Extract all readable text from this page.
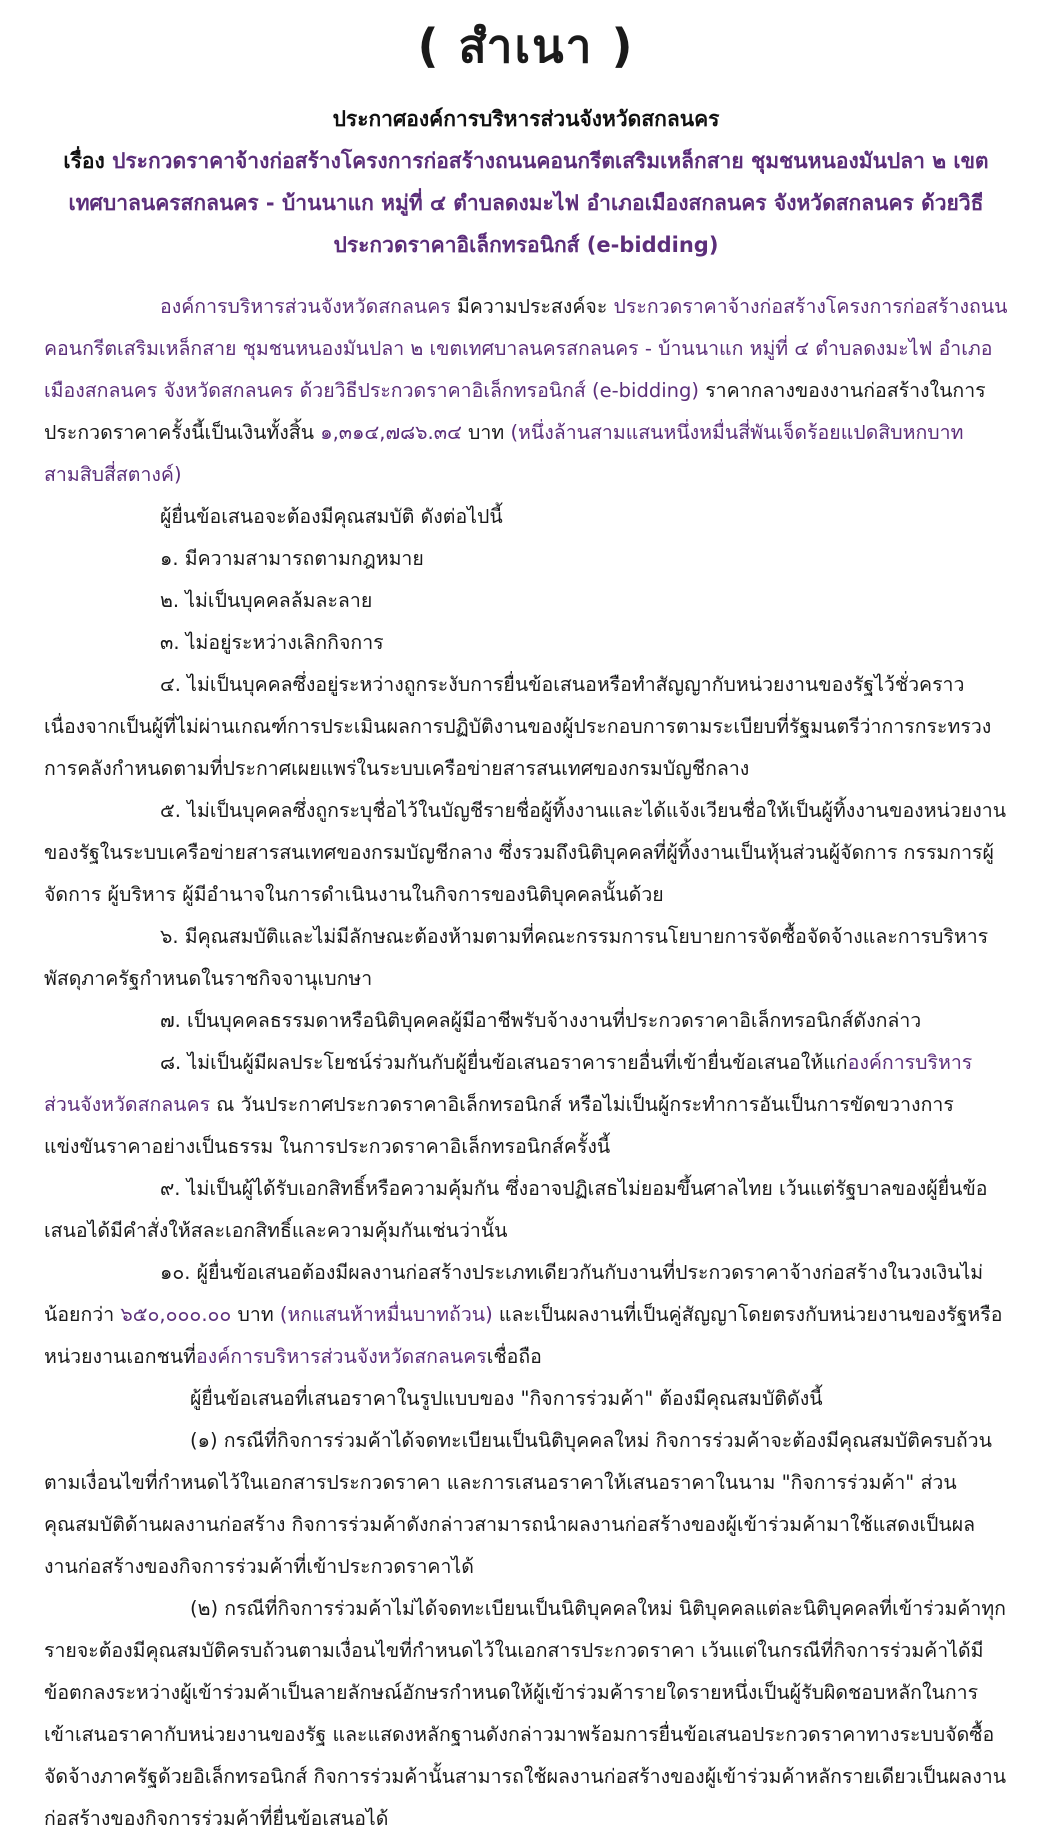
( สำเนา )
ประกาศองค์การบริหารส่วนจังหวัดสกลนคร
เรื่อง ประกวดราคาจ้างก่อสร้างโครงการก่อสร้างถนนคอนกรีตเสริมเหล็กสาย ชุมชนหนองมันปลา ๒ เขตเทศบาลนครสกลนคร - บ้านนาแก หมู่ที่ ๔ ตำบลดงมะไฟ อำเภอเมืองสกลนคร จังหวัดสกลนคร ด้วยวิธีประกวดราคาอิเล็กทรอนิกส์ (e-bidding)

องค์การบริหารส่วนจังหวัดสกลนคร มีความประสงค์จะ ประกวดราคาจ้างก่อสร้างโครงการก่อสร้างถนนคอนกรีตเสริมเหล็กสาย ชุมชนหนองมันปลา ๒ เขตเทศบาลนครสกลนคร - บ้านนาแก หมู่ที่ ๔ ตำบลดงมะไฟ อำเภอเมืองสกลนคร จังหวัดสกลนคร ด้วยวิธีประกวดราคาอิเล็กทรอนิกส์ (e-bidding) ราคากลางของงานก่อสร้างในการประกวดราคาครั้งนี้เป็นเงินทั้งสิ้น ๑,๓๑๔,๗๘๖.๓๔ บาท (หนึ่งล้านสามแสนหนึ่งหมื่นสี่พันเจ็ดร้อยแปดสิบหกบาทสามสิบสี่สตางค์)

ผู้ยื่นข้อเสนอจะต้องมีคุณสมบัติ ดังต่อไปนี้

๑. มีความสามารถตามกฎหมาย

๒. ไม่เป็นบุคคลล้มละลาย

๓. ไม่อยู่ระหว่างเลิกกิจการ

๔. ไม่เป็นบุคคลซึ่งอยู่ระหว่างถูกระงับการยื่นข้อเสนอหรือทำสัญญากับหน่วยงานของรัฐไว้ชั่วคราว เนื่องจากเป็นผู้ที่ไม่ผ่านเกณฑ์การประเมินผลการปฏิบัติงานของผู้ประกอบการตามระเบียบที่รัฐมนตรีว่าการกระทรวงการคลังกำหนดตามที่ประกาศเผยแพร่ในระบบเครือข่ายสารสนเทศของกรมบัญชีกลาง

๕. ไม่เป็นบุคคลซึ่งถูกระบุชื่อไว้ในบัญชีรายชื่อผู้ทิ้งงานและได้แจ้งเวียนชื่อให้เป็นผู้ทิ้งงานของหน่วยงานของรัฐในระบบเครือข่ายสารสนเทศของกรมบัญชีกลาง ซึ่งรวมถึงนิติบุคคลที่ผู้ทิ้งงานเป็นหุ้นส่วนผู้จัดการ กรรมการผู้จัดการ ผู้บริหาร ผู้มีอำนาจในการดำเนินงานในกิจการของนิติบุคคลนั้นด้วย

๖. มีคุณสมบัติและไม่มีลักษณะต้องห้ามตามที่คณะกรรมการนโยบายการจัดซื้อจัดจ้างและการบริหารพัสดุภาครัฐกำหนดในราชกิจจานุเบกษา

๗. เป็นบุคคลธรรมดาหรือนิติบุคคลผู้มีอาชีพรับจ้างงานที่ประกวดราคาอิเล็กทรอนิกส์ดังกล่าว

๘. ไม่เป็นผู้มีผลประโยชน์ร่วมกันกับผู้ยื่นข้อเสนอราคารายอื่นที่เข้ายื่นข้อเสนอให้แก่องค์การบริหารส่วนจังหวัดสกลนคร ณ วันประกาศประกวดราคาอิเล็กทรอนิกส์ หรือไม่เป็นผู้กระทำการอันเป็นการขัดขวางการแข่งขันราคาอย่างเป็นธรรม ในการประกวดราคาอิเล็กทรอนิกส์ครั้งนี้

๙. ไม่เป็นผู้ได้รับเอกสิทธิ์หรือความคุ้มกัน ซึ่งอาจปฏิเสธไม่ยอมขึ้นศาลไทย เว้นแต่รัฐบาลของผู้ยื่นข้อเสนอได้มีคำสั่งให้สละเอกสิทธิ์และความคุ้มกันเช่นว่านั้น

๑๐. ผู้ยื่นข้อเสนอต้องมีผลงานก่อสร้างประเภทเดียวกันกับงานที่ประกวดราคาจ้างก่อสร้างในวงเงินไม่น้อยกว่า ๖๕๐,๐๐๐.๐๐ บาท (หกแสนห้าหมื่นบาทถ้วน) และเป็นผลงานที่เป็นคู่สัญญาโดยตรงกับหน่วยงานของรัฐหรือหน่วยงานเอกชนที่องค์การบริหารส่วนจังหวัดสกลนครเชื่อถือ

ผู้ยื่นข้อเสนอที่เสนอราคาในรูปแบบของ "กิจการร่วมค้า" ต้องมีคุณสมบัติดังนี้

(๑) กรณีที่กิจการร่วมค้าได้จดทะเบียนเป็นนิติบุคคลใหม่ กิจการร่วมค้าจะต้องมีคุณสมบัติครบถ้วนตามเงื่อนไขที่กำหนดไว้ในเอกสารประกวดราคา และการเสนอราคาให้เสนอราคาในนาม "กิจการร่วมค้า" ส่วนคุณสมบัติด้านผลงานก่อสร้าง กิจการร่วมค้าดังกล่าวสามารถนำผลงานก่อสร้างของผู้เข้าร่วมค้ามาใช้แสดงเป็นผลงานก่อสร้างของกิจการร่วมค้าที่เข้าประกวดราคาได้

(๒) กรณีที่กิจการร่วมค้าไม่ได้จดทะเบียนเป็นนิติบุคคลใหม่ นิติบุคคลแต่ละนิติบุคคลที่เข้าร่วมค้าทุกรายจะต้องมีคุณสมบัติครบถ้วนตามเงื่อนไขที่กำหนดไว้ในเอกสารประกวดราคา เว้นแต่ในกรณีที่กิจการร่วมค้าได้มีข้อตกลงระหว่างผู้เข้าร่วมค้าเป็นลายลักษณ์อักษรกำหนดให้ผู้เข้าร่วมค้ารายใดรายหนึ่งเป็นผู้รับผิดชอบหลักในการเข้าเสนอราคากับหน่วยงานของรัฐ และแสดงหลักฐานดังกล่าวมาพร้อมการยื่นข้อเสนอประกวดราคาทางระบบจัดซื้อจัดจ้างภาครัฐด้วยอิเล็กทรอนิกส์ กิจการร่วมค้านั้นสามารถใช้ผลงานก่อสร้างของผู้เข้าร่วมค้าหลักรายเดียวเป็นผลงานก่อสร้างของกิจการร่วมค้าที่ยื่นข้อเสนอได้
